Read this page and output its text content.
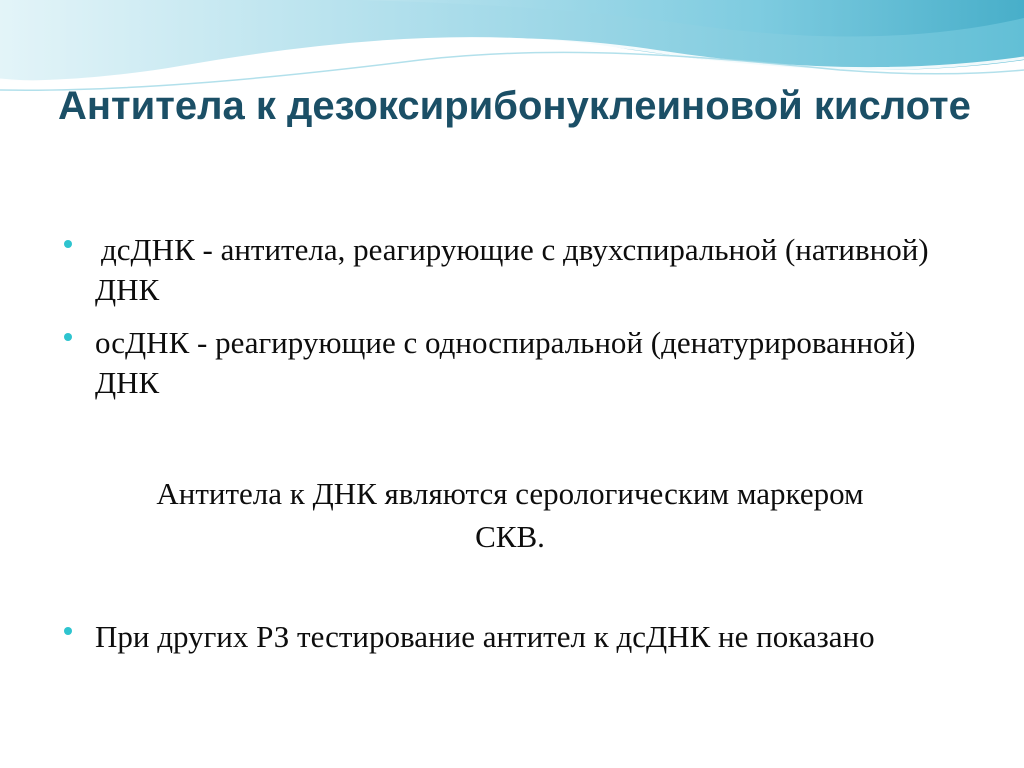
Антитела к дезоксирибонуклеиновой кислоте
дсДНК - антитела, реагирующие с двухспиральной (нативной) ДНК
осДНК - реагирующие с односпиральной (денатурированной) ДНК
Антитела к ДНК являются серологическим маркером СКВ.
При других РЗ тестирование антител к дсДНК не показано
